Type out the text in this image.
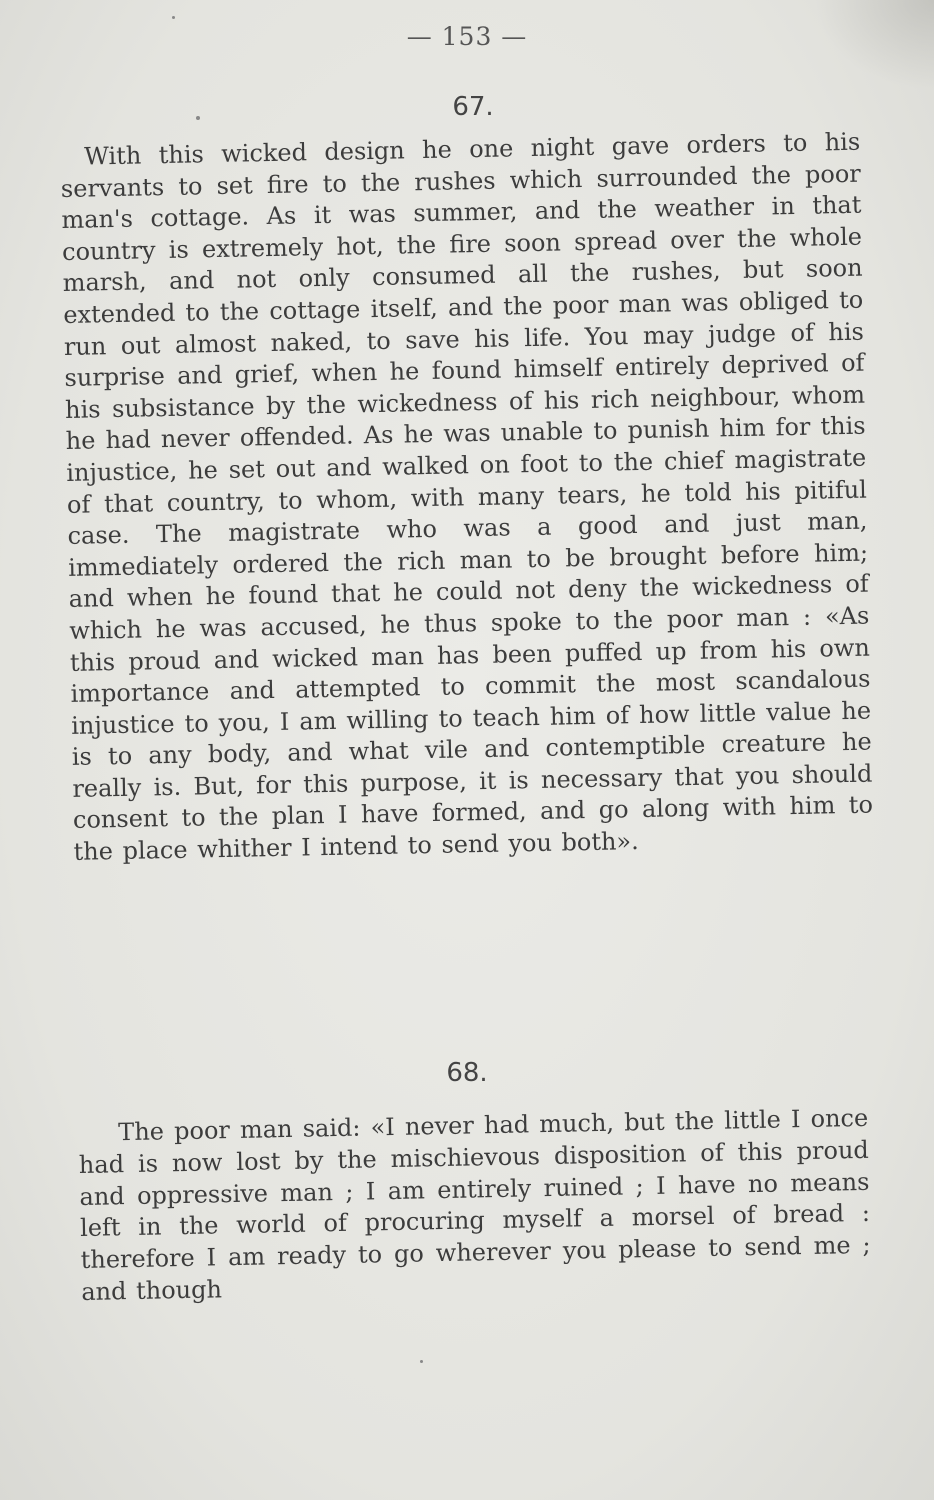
— 153 —
67.
With this wicked design he one night gave orders to his servants to set fire to the rushes which surrounded the poor man's cottage. As it was summer, and the weather in that country is extremely hot, the fire soon spread over the whole marsh, and not only consumed all the rushes, but soon extended to the cottage itself, and the poor man was obliged to run out almost naked, to save his life. You may judge of his surprise and grief, when he found himself entirely deprived of his subsistance by the wickedness of his rich neighbour, whom he had never offended. As he was unable to punish him for this injustice, he set out and walked on foot to the chief magistrate of that country, to whom, with many tears, he told his pitiful case. The magistrate who was a good and just man, immediately ordered the rich man to be brought before him; and when he found that he could not deny the wickedness of which he was accused, he thus spoke to the poor man : «As this proud and wicked man has been puffed up from his own importance and attempted to commit the most scandalous injustice to you, I am willing to teach him of how little value he is to any body, and what vile and contemptible creature he really is. But, for this purpose, it is necessary that you should consent to the plan I have formed, and go along with him to the place whither I intend to send you both».
68.
The poor man said: «I never had much, but the little I once had is now lost by the mischievous disposition of this proud and oppressive man ; I am entirely ruined ; I have no means left in the world of procuring myself a morsel of bread : therefore I am ready to go wherever you please to send me ; and though
